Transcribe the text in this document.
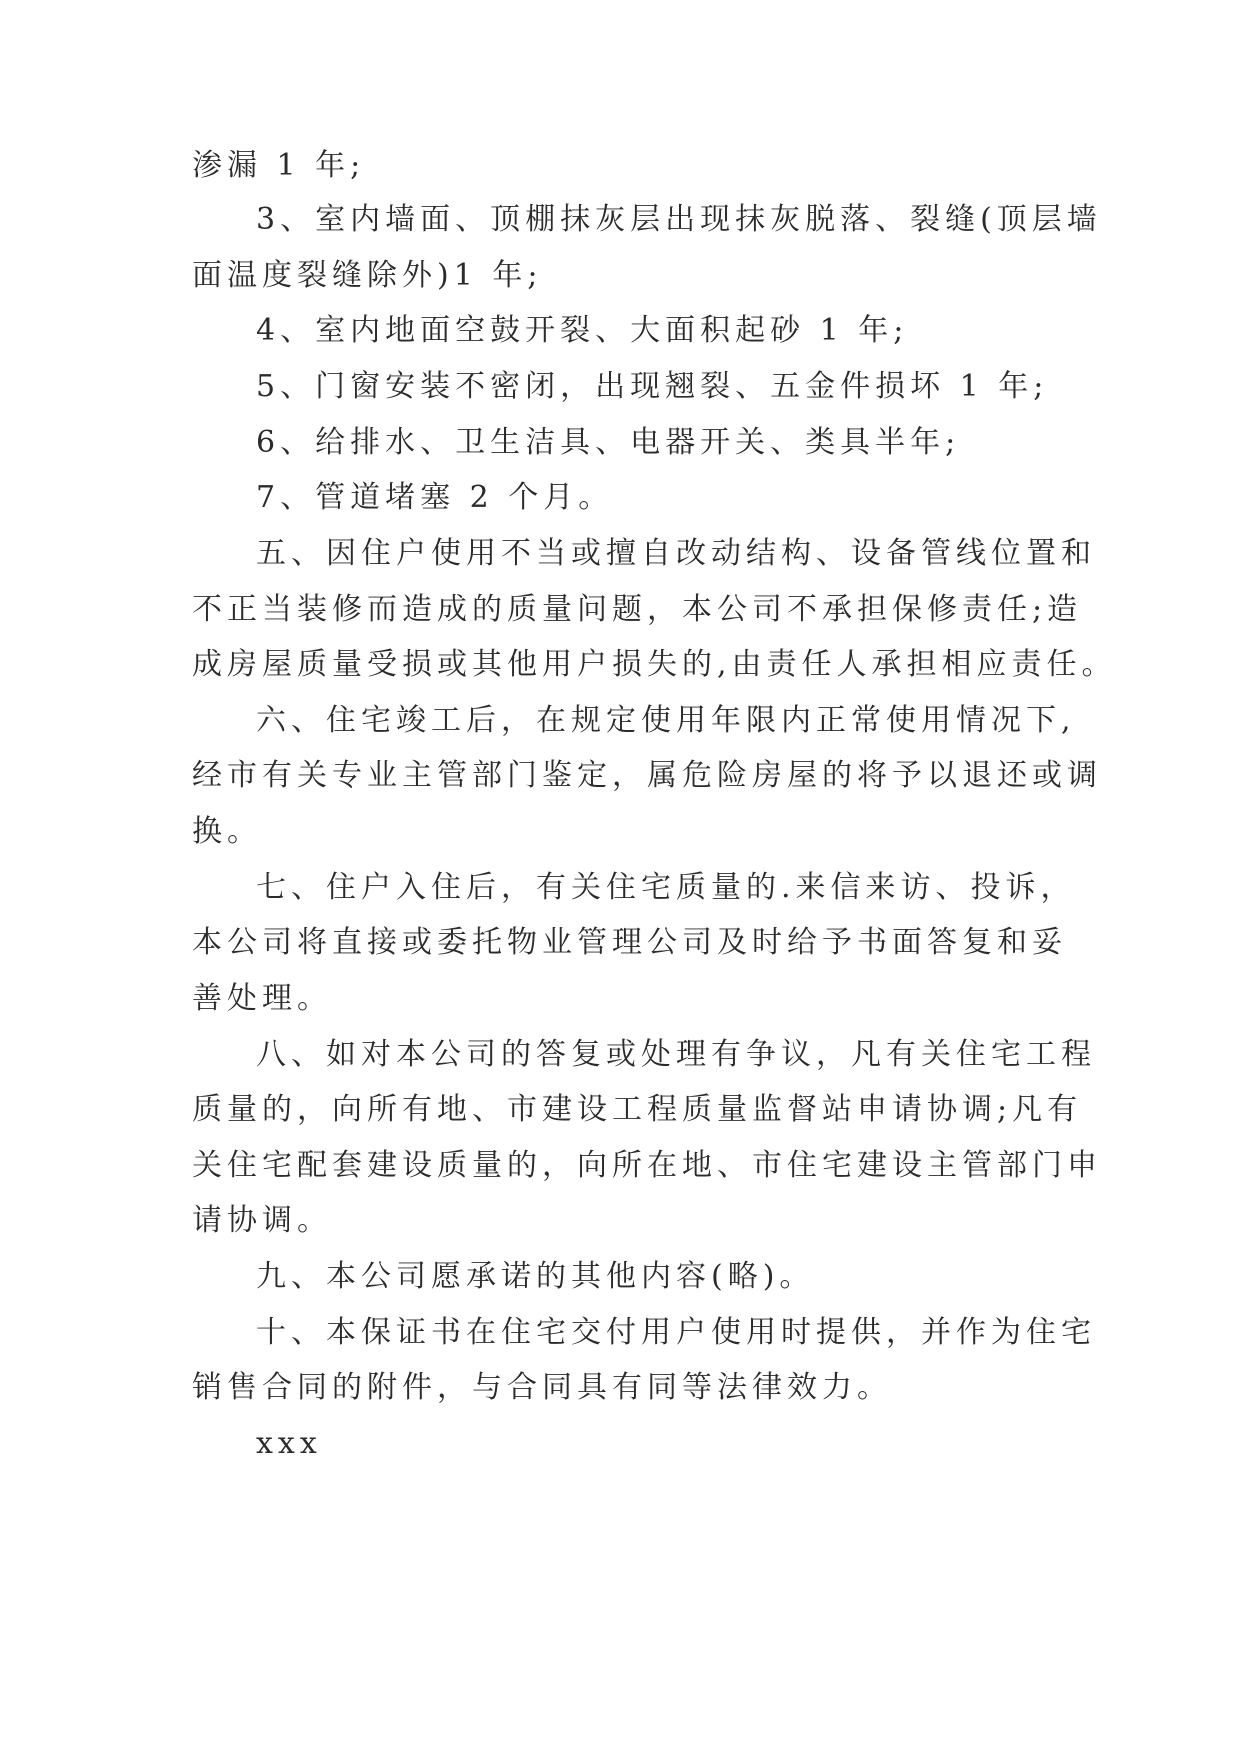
渗漏 1 年;

3、室内墙面、顶棚抹灰层出现抹灰脱落、裂缝(顶层墙

面温度裂缝除外)1 年;

4、室内地面空鼓开裂、大面积起砂 1 年;

5、门窗安装不密闭，出现翘裂、五金件损坏 1 年;

6、给排水、卫生洁具、电器开关、类具半年;

7、管道堵塞 2 个月。

五、因住户使用不当或擅自改动结构、设备管线位置和

不正当装修而造成的质量问题，本公司不承担保修责任;造

成房屋质量受损或其他用户损失的,由责任人承担相应责任。

六、住宅竣工后，在规定使用年限内正常使用情况下,

经市有关专业主管部门鉴定，属危险房屋的将予以退还或调

换。

七、住户入住后，有关住宅质量的.来信来访、投诉，

本公司将直接或委托物业管理公司及时给予书面答复和妥

善处理。

八、如对本公司的答复或处理有争议，凡有关住宅工程

质量的，向所有地、市建设工程质量监督站申请协调;凡有

关住宅配套建设质量的，向所在地、市住宅建设主管部门申

请协调。

九、本公司愿承诺的其他内容(略)。

十、本保证书在住宅交付用户使用时提供，并作为住宅

销售合同的附件，与合同具有同等法律效力。

xxx
